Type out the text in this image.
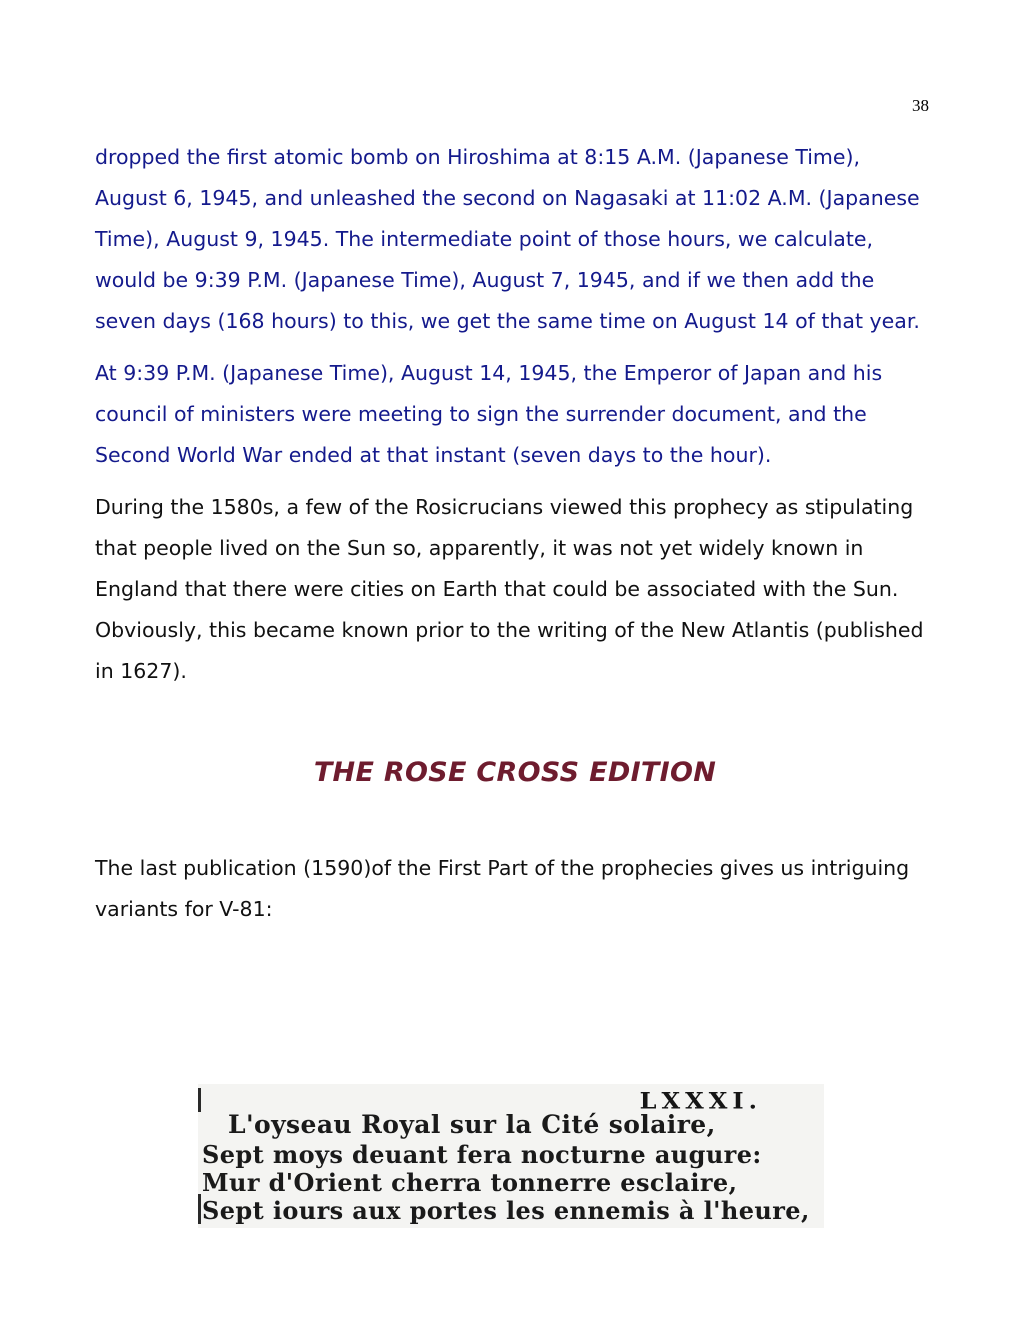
38

dropped the first atomic bomb on Hiroshima at 8:15 A.M. (Japanese Time), August 6, 1945, and unleashed the second on Nagasaki at 11:02 A.M. (Japanese Time), August 9, 1945. The intermediate point of those hours, we calculate, would be 9:39 P.M. (Japanese Time), August 7, 1945, and if we then add the seven days (168 hours) to this, we get the same time on August 14 of that year.

At 9:39 P.M. (Japanese Time), August 14, 1945, the Emperor of Japan and his council of ministers were meeting to sign the surrender document, and the Second World War ended at that instant (seven days to the hour).

During the 1580s, a few of the Rosicrucians viewed this prophecy as stipulating that people lived on the Sun so, apparently, it was not yet widely known in England that there were cities on Earth that could be associated with the Sun. Obviously, this became known prior to the writing of the New Atlantis (published in 1627).

THE ROSE CROSS EDITION

The last publication (1590)of the First Part of the prophecies gives us intriguing variants for V-81:

LXXXI.
L'oyseau Royal sur la Cité solaire,
Sept moys deuant fera nocturne augure:
Mur d'Orient cherra tonnerre esclaire,
Sept iours aux portes les ennemis à l'heure,
